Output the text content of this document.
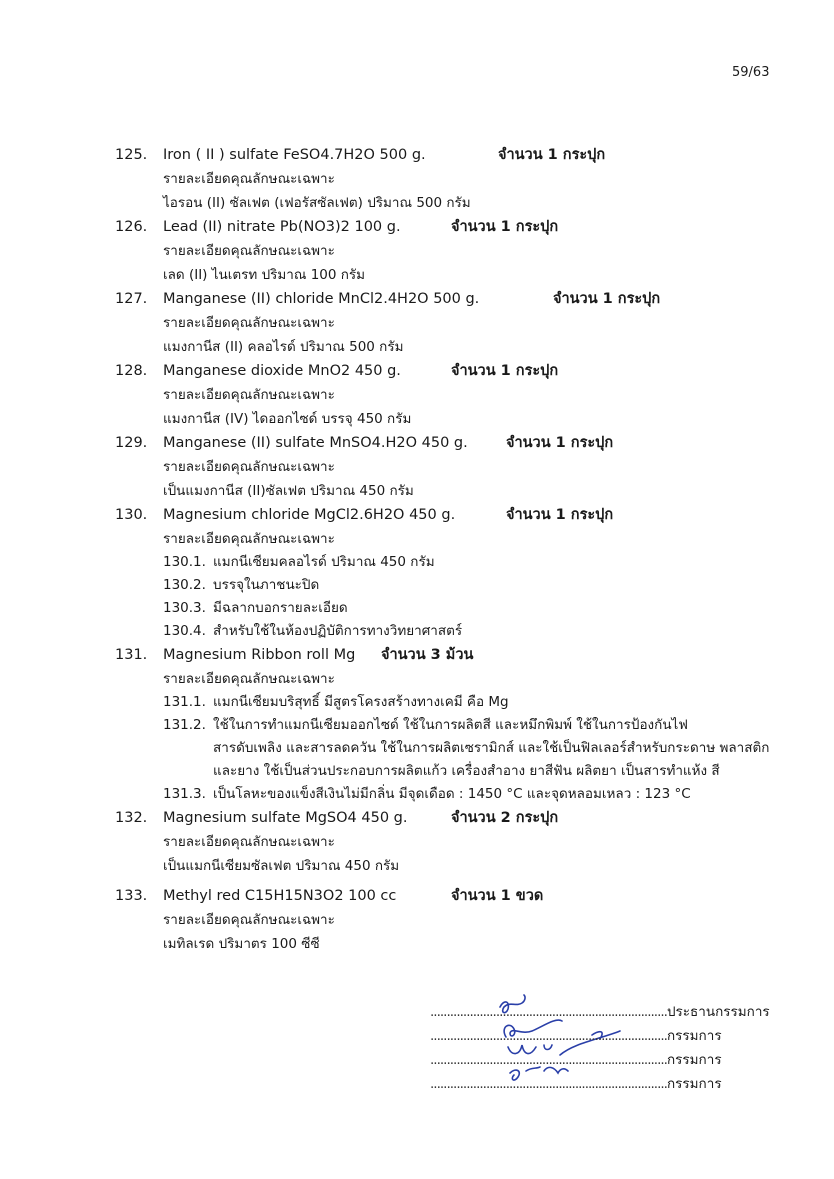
59/63
125.	Iron ( II ) sulfate FeSO4.7H2O 500 g.	จำนวน 1 กระปุก
รายละเอียดคุณลักษณะเฉพาะ
ไอรอน (II) ซัลเฟต (เฟอรัสซัลเฟต) ปริมาณ 500 กรัม
126.	Lead (II) nitrate Pb(NO3)2 100 g.	จำนวน 1 กระปุก
รายละเอียดคุณลักษณะเฉพาะ
เลด (II) ไนเตรท ปริมาณ 100 กรัม
127.	Manganese (II) chloride MnCl2.4H2O 500 g.	จำนวน 1 กระปุก
รายละเอียดคุณลักษณะเฉพาะ
แมงกานีส (II) คลอไรด์ ปริมาณ 500 กรัม
128.	Manganese dioxide MnO2 450 g.	จำนวน 1 กระปุก
รายละเอียดคุณลักษณะเฉพาะ
แมงกานีส (IV) ไดออกไซด์ บรรจุ 450 กรัม
129.	Manganese (II) sulfate MnSO4.H2O 450 g.	จำนวน 1 กระปุก
รายละเอียดคุณลักษณะเฉพาะ
เป็นแมงกานีส (II)ซัลเฟต ปริมาณ 450 กรัม
130.	Magnesium chloride MgCl2.6H2O 450 g.	จำนวน 1 กระปุก
รายละเอียดคุณลักษณะเฉพาะ
130.1. แมกนีเซียมคลอไรด์ ปริมาณ 450 กรัม
130.2. บรรจุในภาชนะปิด
130.3. มีฉลากบอกรายละเอียด
130.4. สำหรับใช้ในห้องปฏิบัติการทางวิทยาศาสตร์
131.	Magnesium Ribbon roll Mg	จำนวน 3 ม้วน
รายละเอียดคุณลักษณะเฉพาะ
131.1. แมกนีเซียมบริสุทธิ์ มีสูตรโครงสร้างทางเคมี คือ Mg
131.2. ใช้ในการทำแมกนีเซียมออกไซด์ ใช้ในการผลิตสี และหมึกพิมพ์ ใช้ในการป้องกันไฟ
สารดับเพลิง และสารลดควัน ใช้ในการผลิตเซรามิกส์ และใช้เป็นฟิลเลอร์สำหรับกระดาษ พลาสติก
และยาง ใช้เป็นส่วนประกอบการผลิตแก้ว เครื่องสำอาง ยาสีฟัน ผลิตยา เป็นสารทำแห้ง สี
131.3. เป็นโลหะของแข็งสีเงินไม่มีกลิ่น มีจุดเดือด : 1450 °C และจุดหลอมเหลว : 123 °C
132.	Magnesium sulfate MgSO4 450 g.	จำนวน 2 กระปุก
รายละเอียดคุณลักษณะเฉพาะ
เป็นแมกนีเซียมซัลเฟต ปริมาณ 450 กรัม
133.	Methyl red C15H15N3O2 100 cc	จำนวน 1 ขวด
รายละเอียดคุณลักษณะเฉพาะ
เมทิลเรด ปริมาตร 100 ซีซี
........................................................................ ประธานกรรมการ
........................................................................ กรรมการ
........................................................................ กรรมการ
........................................................................ กรรมการ
